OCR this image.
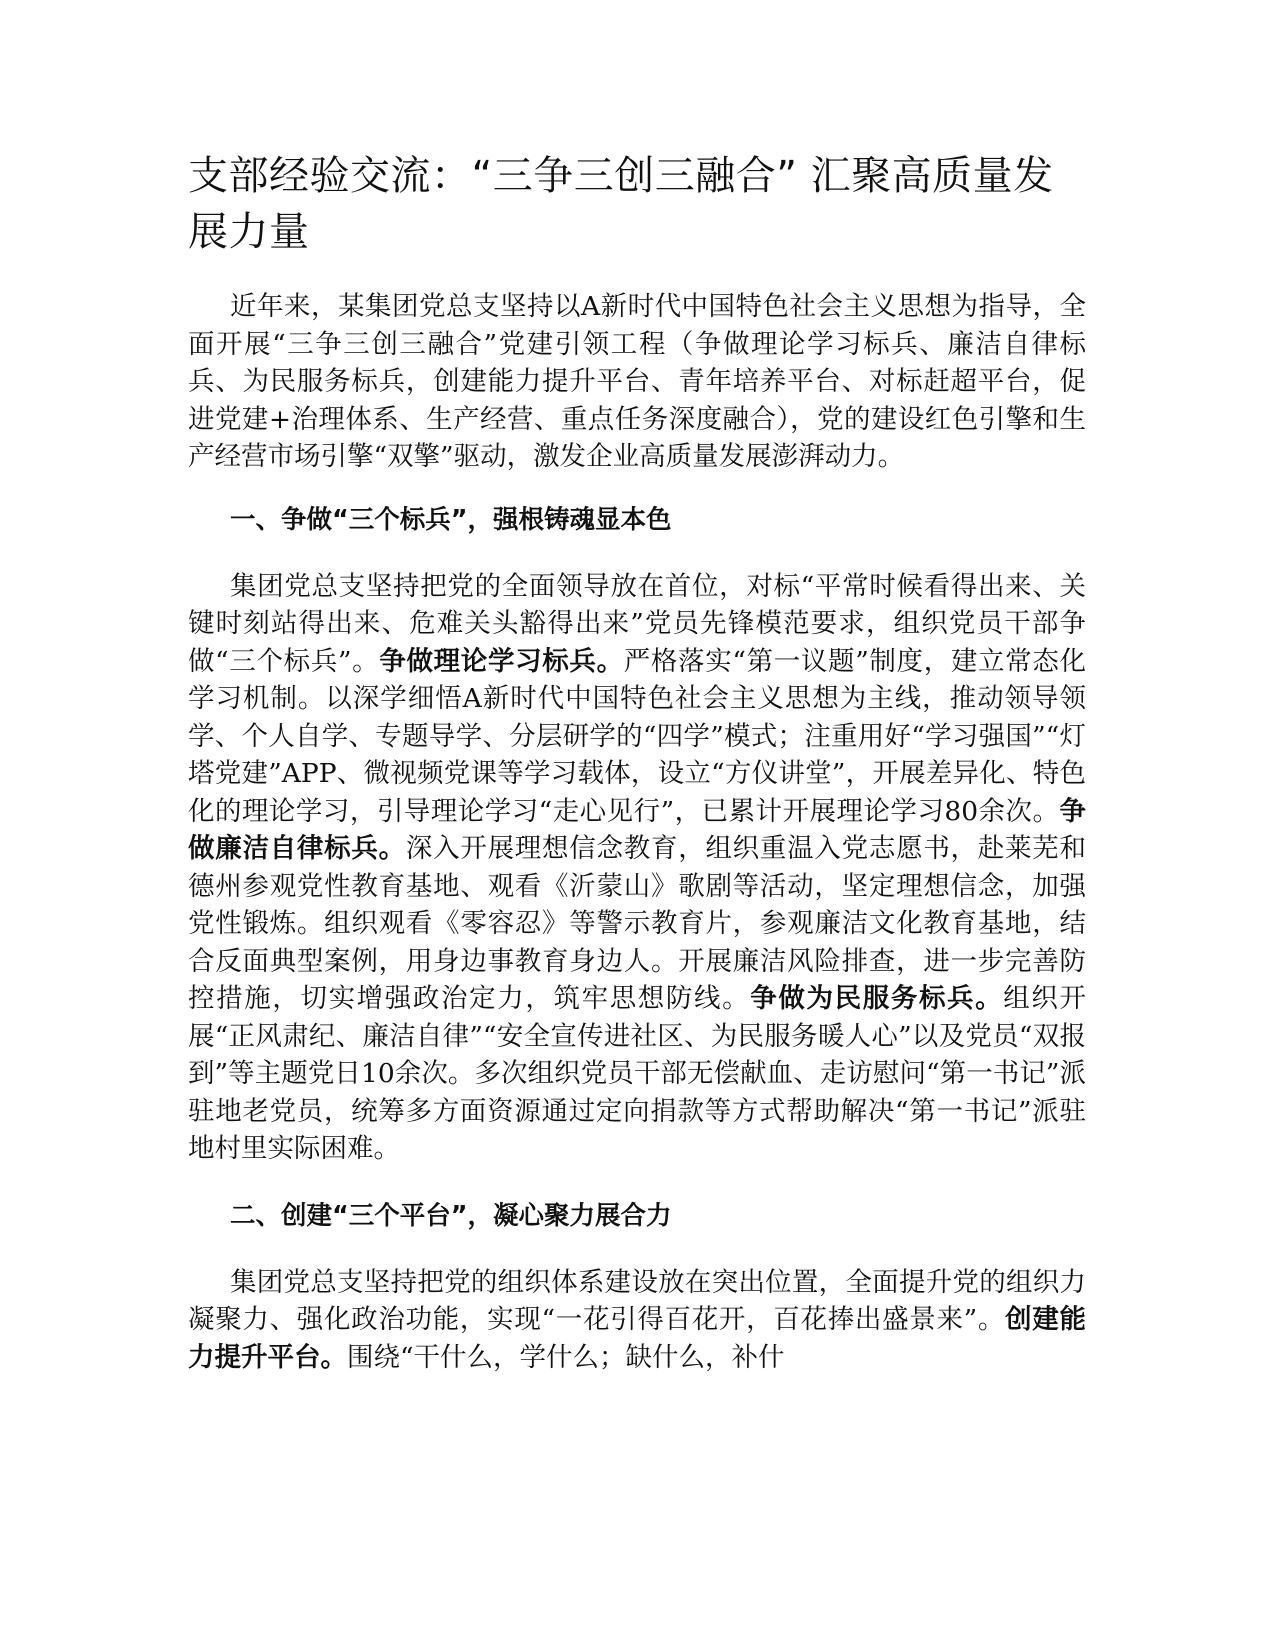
支部经验交流：“三争三创三融合” 汇聚高质量发展力量

近年来，某集团党总支坚持以A新时代中国特色社会主义思想为指导，全面开展“三争三创三融合”党建引领工程（争做理论学习标兵、廉洁自律标兵、为民服务标兵，创建能力提升平台、青年培养平台、对标赶超平台，促进党建+治理体系、生产经营、重点任务深度融合），党的建设红色引擎和生产经营市场引擎“双擎”驱动，激发企业高质量发展澎湃动力。

一、争做“三个标兵”，强根铸魂显本色

集团党总支坚持把党的全面领导放在首位，对标“平常时候看得出来、关键时刻站得出来、危难关头豁得出来”党员先锋模范要求，组织党员干部争做“三个标兵”。争做理论学习标兵。严格落实“第一议题”制度，建立常态化学习机制。以深学细悟A新时代中国特色社会主义思想为主线，推动领导领学、个人自学、专题导学、分层研学的“四学”模式；注重用好“学习强国”“灯塔党建”APP、微视频党课等学习载体，设立“方仪讲堂”，开展差异化、特色化的理论学习，引导理论学习“走心见行”，已累计开展理论学习80余次。争做廉洁自律标兵。深入开展理想信念教育，组织重温入党志愿书，赴莱芜和德州参观党性教育基地、观看《沂蒙山》歌剧等活动，坚定理想信念，加强党性锻炼。组织观看《零容忍》等警示教育片，参观廉洁文化教育基地，结合反面典型案例，用身边事教育身边人。开展廉洁风险排查，进一步完善防控措施，切实增强政治定力，筑牢思想防线。争做为民服务标兵。组织开展“正风肃纪、廉洁自律”“安全宣传进社区、为民服务暖人心”以及党员“双报到”等主题党日10余次。多次组织党员干部无偿献血、走访慰问“第一书记”派驻地老党员，统筹多方面资源通过定向捐款等方式帮助解决“第一书记”派驻地村里实际困难。

二、创建“三个平台”，凝心聚力展合力

集团党总支坚持把党的组织体系建设放在突出位置，全面提升党的组织力凝聚力、强化政治功能，实现“一花引得百花开，百花捧出盛景来”。创建能力提升平台。围绕“干什么，学什么；缺什么，补什
